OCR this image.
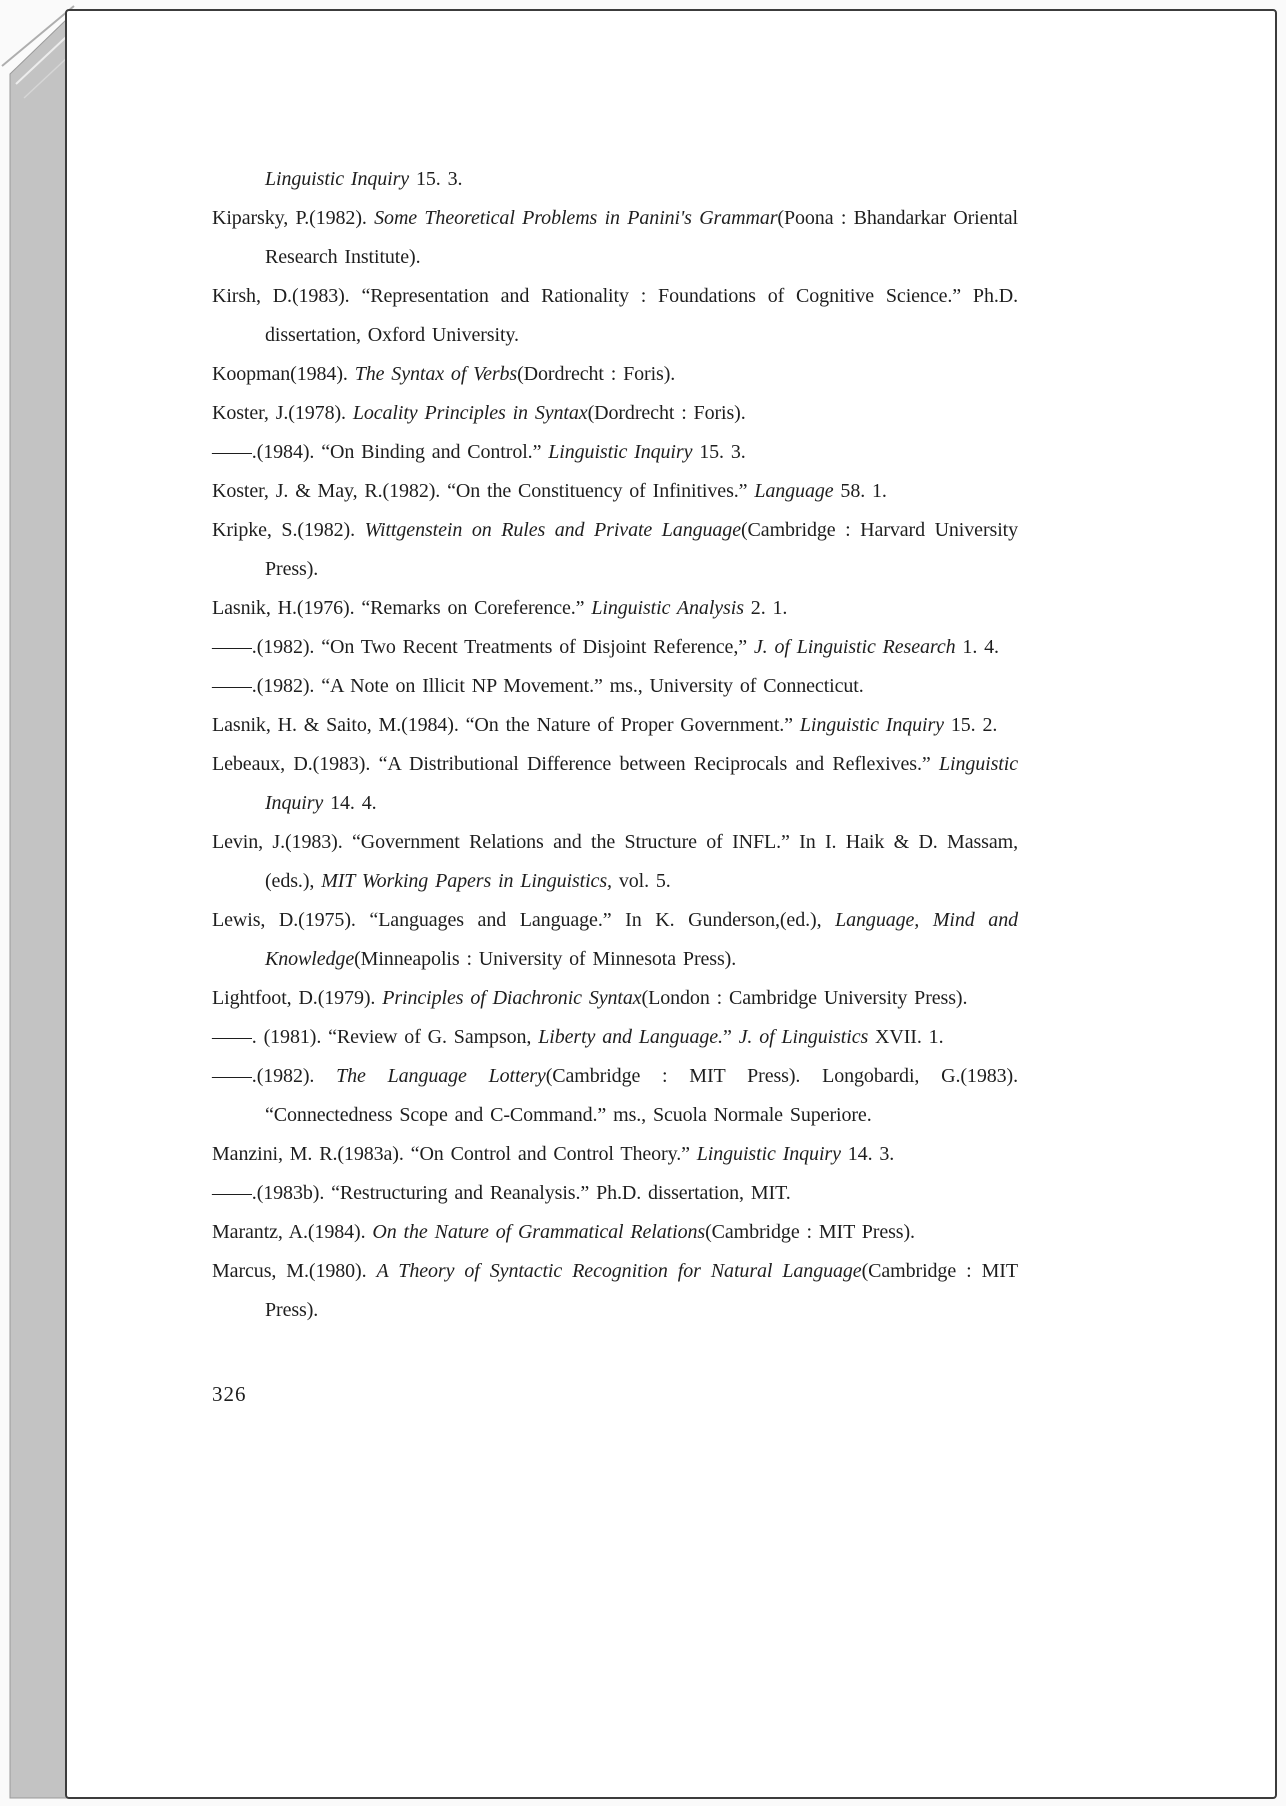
Linguistic Inquiry 15. 3.

Kiparsky, P.(1982). Some Theoretical Problems in Panini's Grammar(Poona : Bhandarkar Oriental Research Institute).

Kirsh, D.(1983). “Representation and Rationality : Foundations of Cognitive Science.” Ph.D. dissertation, Oxford University.

Koopman(1984). The Syntax of Verbs(Dordrecht : Foris).

Koster, J.(1978). Locality Principles in Syntax(Dordrecht : Foris).

——.(1984). “On Binding and Control.” Linguistic Inquiry 15. 3.

Koster, J. & May, R.(1982). “On the Constituency of Infinitives.” Language 58. 1.

Kripke, S.(1982). Wittgenstein on Rules and Private Language(Cambridge : Harvard University Press).

Lasnik, H.(1976). “Remarks on Coreference.” Linguistic Analysis 2. 1.

——.(1982). “On Two Recent Treatments of Disjoint Reference,” J. of Linguistic Research 1. 4.

——.(1982). “A Note on Illicit NP Movement.” ms., University of Connecticut.

Lasnik, H. & Saito, M.(1984). “On the Nature of Proper Government.” Linguistic Inquiry 15. 2.

Lebeaux, D.(1983). “A Distributional Difference between Reciprocals and Reflexives.” Linguistic Inquiry 14. 4.

Levin, J.(1983). “Government Relations and the Structure of INFL.” In I. Haik & D. Massam, (eds.), MIT Working Papers in Linguistics, vol. 5.

Lewis, D.(1975). “Languages and Language.” In K. Gunderson,(ed.), Language, Mind and Knowledge(Minneapolis : University of Minnesota Press).

Lightfoot, D.(1979). Principles of Diachronic Syntax(London : Cambridge University Press).

——. (1981). “Review of G. Sampson, Liberty and Language.” J. of Linguistics XVII. 1.

——.(1982). The Language Lottery(Cambridge : MIT Press). Longobardi, G.(1983). “Connectedness Scope and C-Command.” ms., Scuola Normale Superiore.

Manzini, M. R.(1983a). “On Control and Control Theory.” Linguistic Inquiry 14. 3.

——.(1983b). “Restructuring and Reanalysis.” Ph.D. dissertation, MIT.

Marantz, A.(1984). On the Nature of Grammatical Relations(Cambridge : MIT Press).

Marcus, M.(1980). A Theory of Syntactic Recognition for Natural Language(Cambridge : MIT Press).

326
